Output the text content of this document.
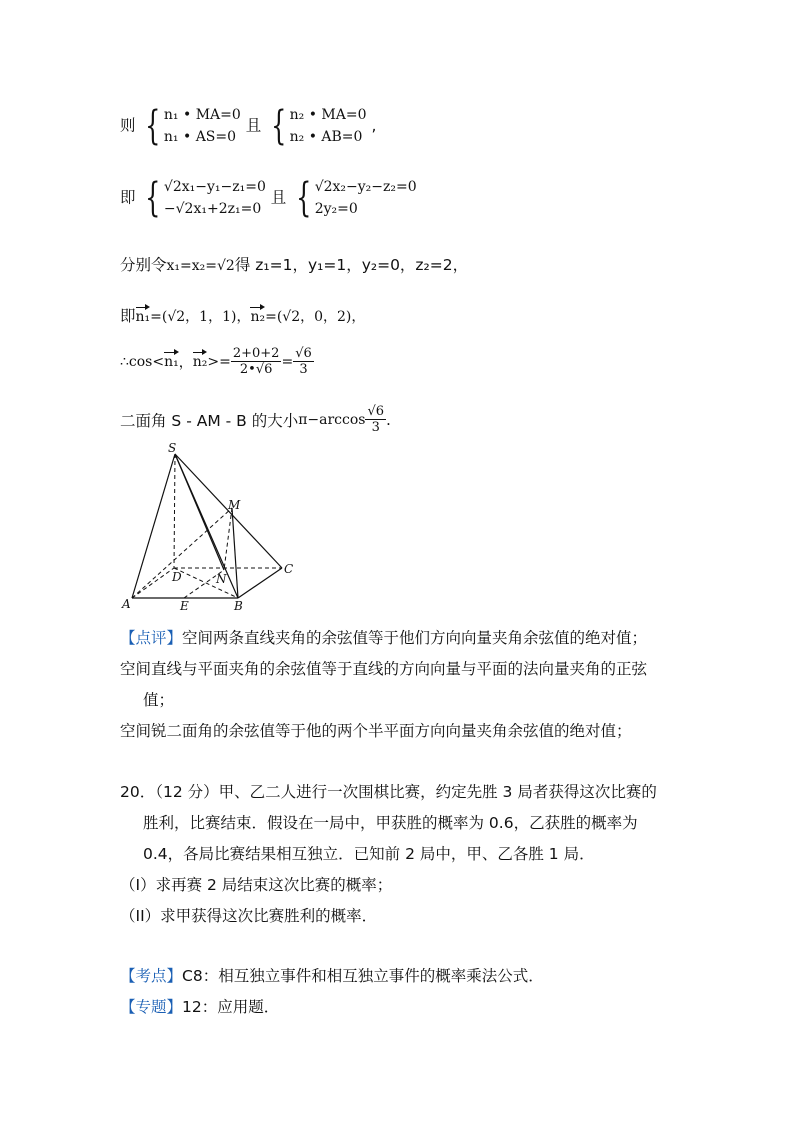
则 { n₁ • MA=0
n₁ • AS=0
且 { n₂ • MA=0
n₂ • AB=0
,
即 { √2x₁−y₁−z₁=0
−√2x₁+2z₁=0
且 { √2x₂−y₂−z₂=0
2y₂=0
分别令x₁=x₂=√2得 z₁=1，y₁=1，y₂=0，z₂=2，
即n₁=(√2，1，1)，n₂=(√2，0，2)，
∴cos< n₁ ， $n_2 >= \frac{2+0+2}{2•√6} = \frac{√6}{3}$
二面角 S - AM - B 的大小 $\pi-\arccos \frac{√6}{3}$ .
S
M
D	N
C
A	E	B
【点评】空间两条直线夹角的余弦值等于他们方向向量夹角余弦值的绝对值；
空间直线与平面夹角的余弦值等于直线的方向向量与平面的法向量夹角的正弦
值；
空间锐二面角的余弦值等于他的两个半平面方向向量夹角余弦值的绝对值；
20．（12 分）甲、乙二人进行一次围棋比赛，约定先胜 3 局者获得这次比赛的
胜利，比赛结束．假设在一局中，甲获胜的概率为 0.6，乙获胜的概率为
0.4，各局比赛结果相互独立．已知前 2 局中，甲、乙各胜 1 局．
（I）求再赛 2 局结束这次比赛的概率；
（II）求甲获得这次比赛胜利的概率．
【考点】C8：相互独立事件和相互独立事件的概率乘法公式．
【专题】12：应用题．
